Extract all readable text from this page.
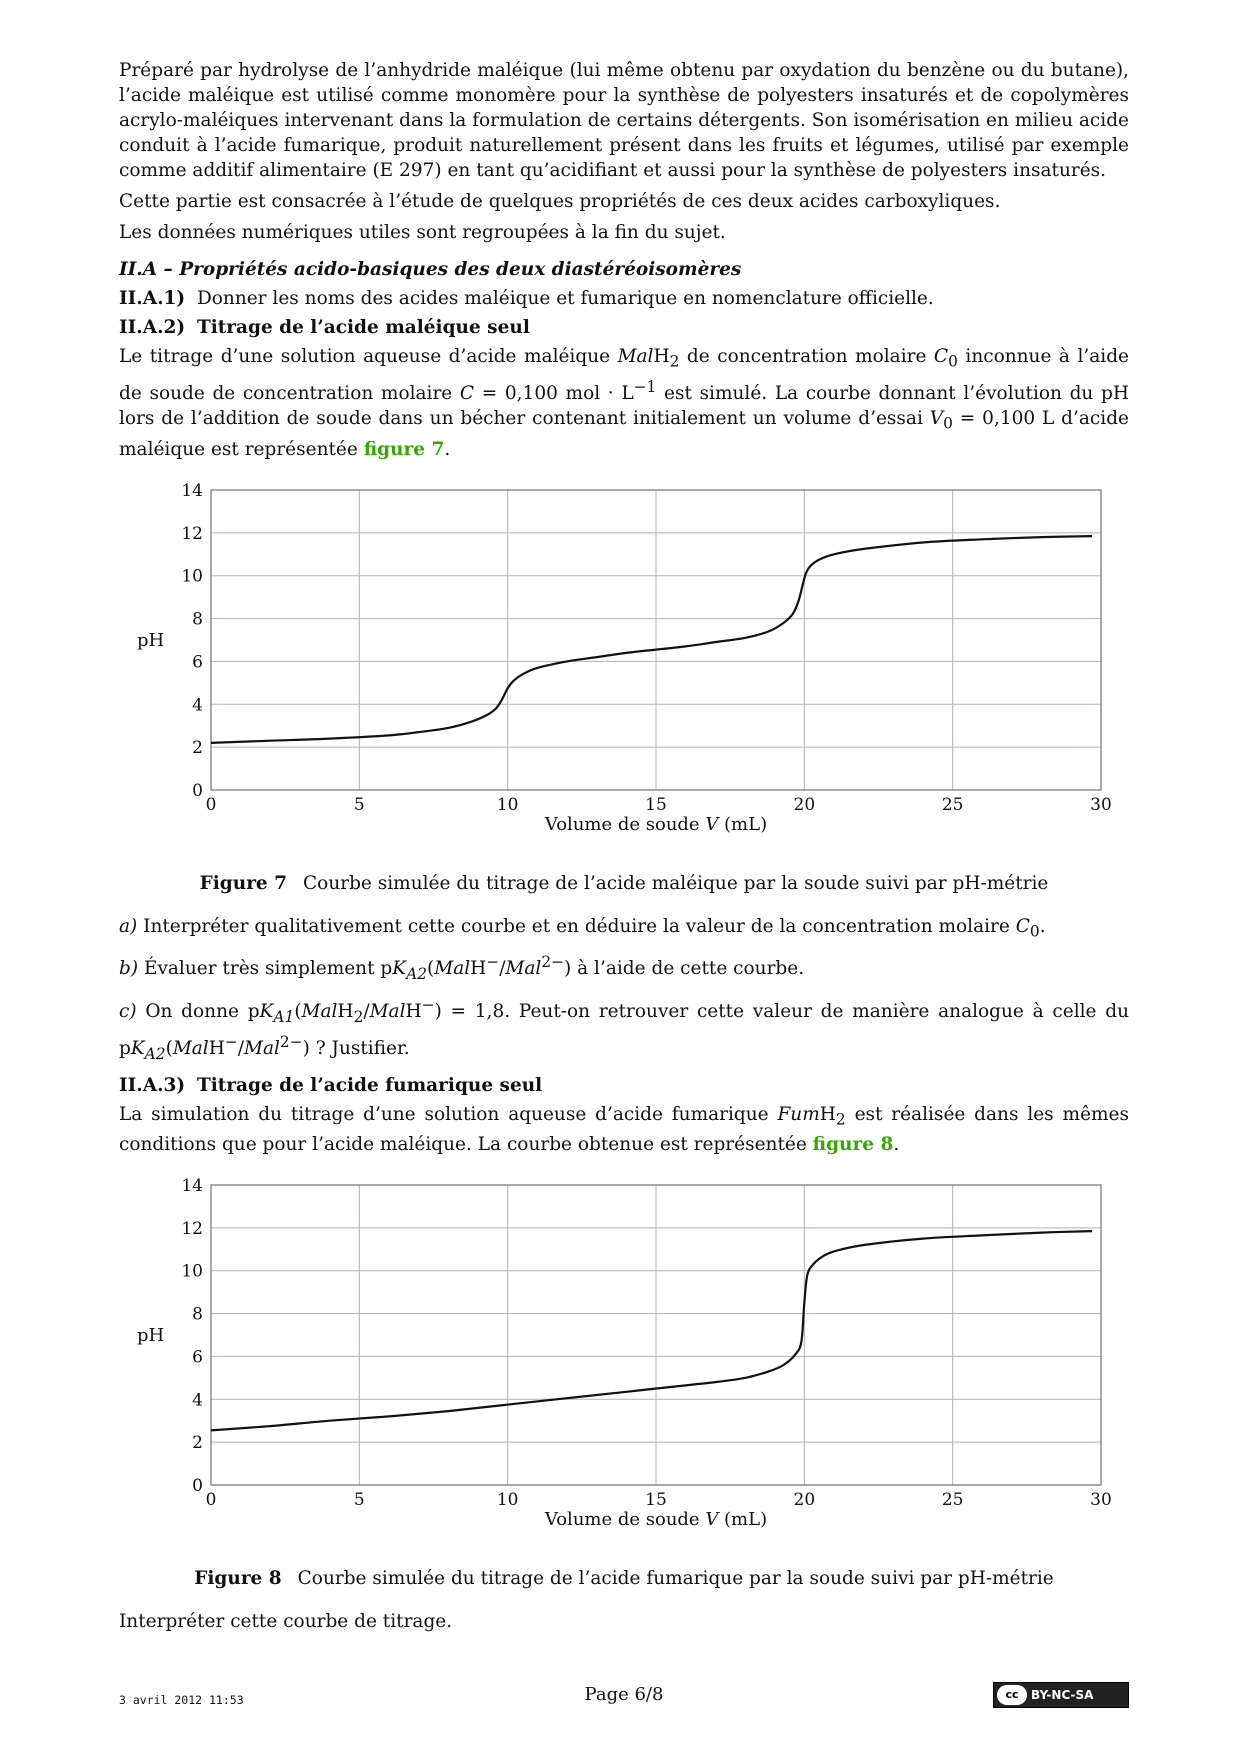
Préparé par hydrolyse de l’anhydride maléique (lui même obtenu par oxydation du benzène ou du butane), l’acide maléique est utilisé comme monomère pour la synthèse de polyesters insaturés et de copolymères acrylo-maléiques intervenant dans la formulation de certains détergents. Son isomérisation en milieu acide conduit à l’acide fumarique, produit naturellement présent dans les fruits et légumes, utilisé par exemple comme additif alimentaire (E 297) en tant qu’acidifiant et aussi pour la synthèse de polyesters insaturés.

Cette partie est consacrée à l’étude de quelques propriétés de ces deux acides carboxyliques.

Les données numériques utiles sont regroupées à la fin du sujet.

II.A – Propriétés acido-basiques des deux diastéréoisomères
II.A.1) Donner les noms des acides maléique et fumarique en nomenclature officielle.
II.A.2) Titrage de l’acide maléique seul

Le titrage d’une solution aqueuse d’acide maléique MalH$_2$ de concentration molaire $C_0$ inconnue à l’aide de soude de concentration molaire C = 0,100 mol · $L^{-1}$ est simulé. La courbe donnant l’évolution du pH lors de l’addition de soude dans un bécher contenant initialement un volume d’essai $V_0 = 0,100$ L d’acide maléique est représentée figure 7.

0	5	10	15	20	25	30
0
2
4
6
8
10
12
14
pH
Volume de soude V (mL)
Figure 7 Courbe simulée du titrage de l’acide maléique par la soude suivi par pH-métrie

a) Interpréter qualitativement cette courbe et en déduire la valeur de la concentration molaire $C_0$.

b) Évaluer très simplement $pK_{A2}(MalH^-/Mal^{2-})$ à l’aide de cette courbe.

c) On donne $pK_{A1}(MalH_2/MalH^-) = 1,8$. Peut-on retrouver cette valeur de manière analogue à celle du $pK_{A2}(MalH^-/Mal^{2-})$ ? Justifier.

II.A.3) Titrage de l’acide fumarique seul

La simulation du titrage d’une solution aqueuse d’acide fumarique FumH$_2$ est réalisée dans les mêmes conditions que pour l’acide maléique. La courbe obtenue est représentée figure 8.

0	5	10	15	20	25	30
0
2
4
6
8
10
12
14
pH
Volume de soude V (mL)
Figure 8 Courbe simulée du titrage de l’acide fumarique par la soude suivi par pH-métrie

Interpréter cette courbe de titrage.

3 avril 2012 11:53	Page 6/8	cc	BY-NC-SA
